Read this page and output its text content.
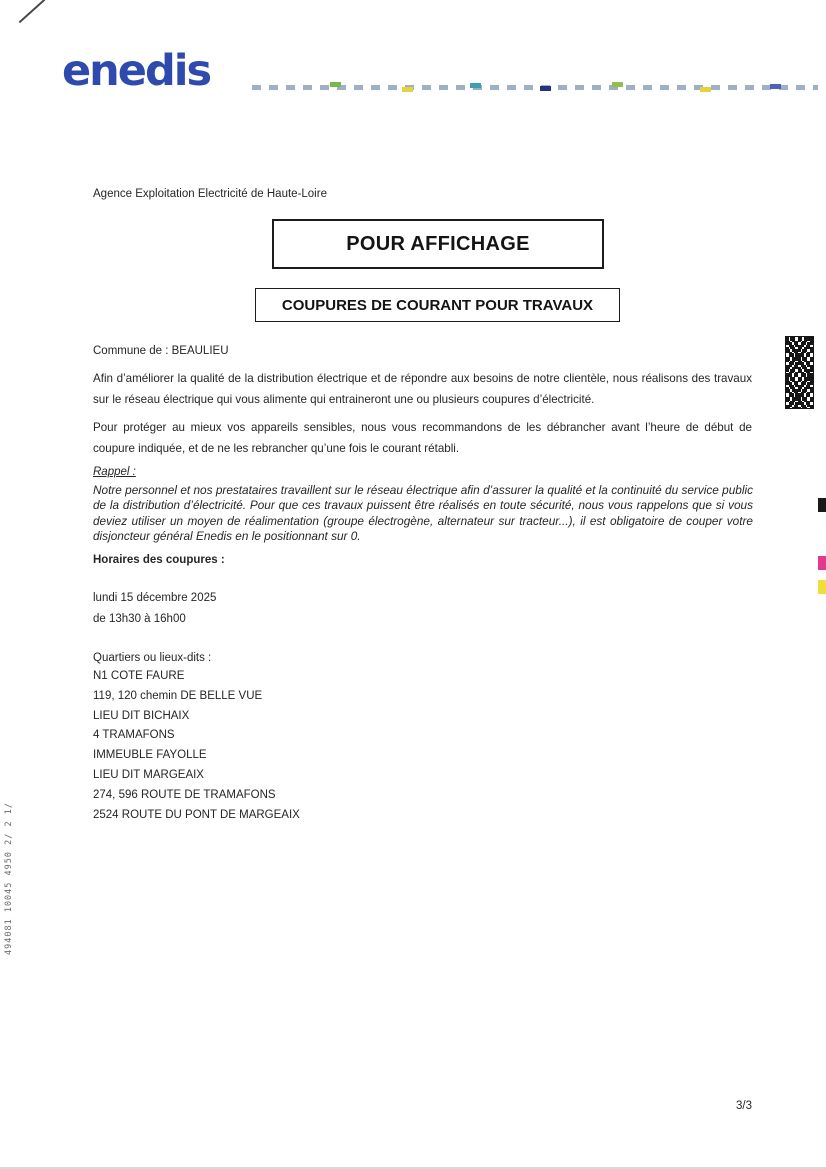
enedis
Agence Exploitation Electricité de Haute-Loire
POUR AFFICHAGE
COUPURES DE COURANT POUR TRAVAUX
Commune de : BEAULIEU
Afin d’améliorer la qualité de la distribution électrique et de répondre aux besoins de notre clientèle, nous réalisons des travaux sur le réseau électrique qui vous alimente qui entraineront une ou plusieurs coupures d’électricité.
Pour protéger au mieux vos appareils sensibles, nous vous recommandons de les débrancher avant l’heure de début de coupure indiquée, et de ne les rebrancher qu’une fois le courant rétabli.
Rappel :
Notre personnel et nos prestataires travaillent sur le réseau électrique afin d’assurer la qualité et la continuité du service public de la distribution d’électricité. Pour que ces travaux puissent être réalisés en toute sécurité, nous vous rappelons que si vous deviez utiliser un moyen de réalimentation (groupe électrogène, alternateur sur tracteur...), il est obligatoire de couper votre disjoncteur général Enedis en le positionnant sur 0.
Horaires des coupures :
lundi 15 décembre 2025
de 13h30 à 16h00
Quartiers ou lieux-dits :
N1 COTE FAURE
119, 120 chemin DE BELLE VUE
LIEU DIT BICHAIX
4 TRAMAFONS
IMMEUBLE FAYOLLE
LIEU DIT MARGEAIX
274, 596 ROUTE DE TRAMAFONS
2524 ROUTE DU PONT DE MARGEAIX
494081 10045 4950 2/ 2 1/
3/3
